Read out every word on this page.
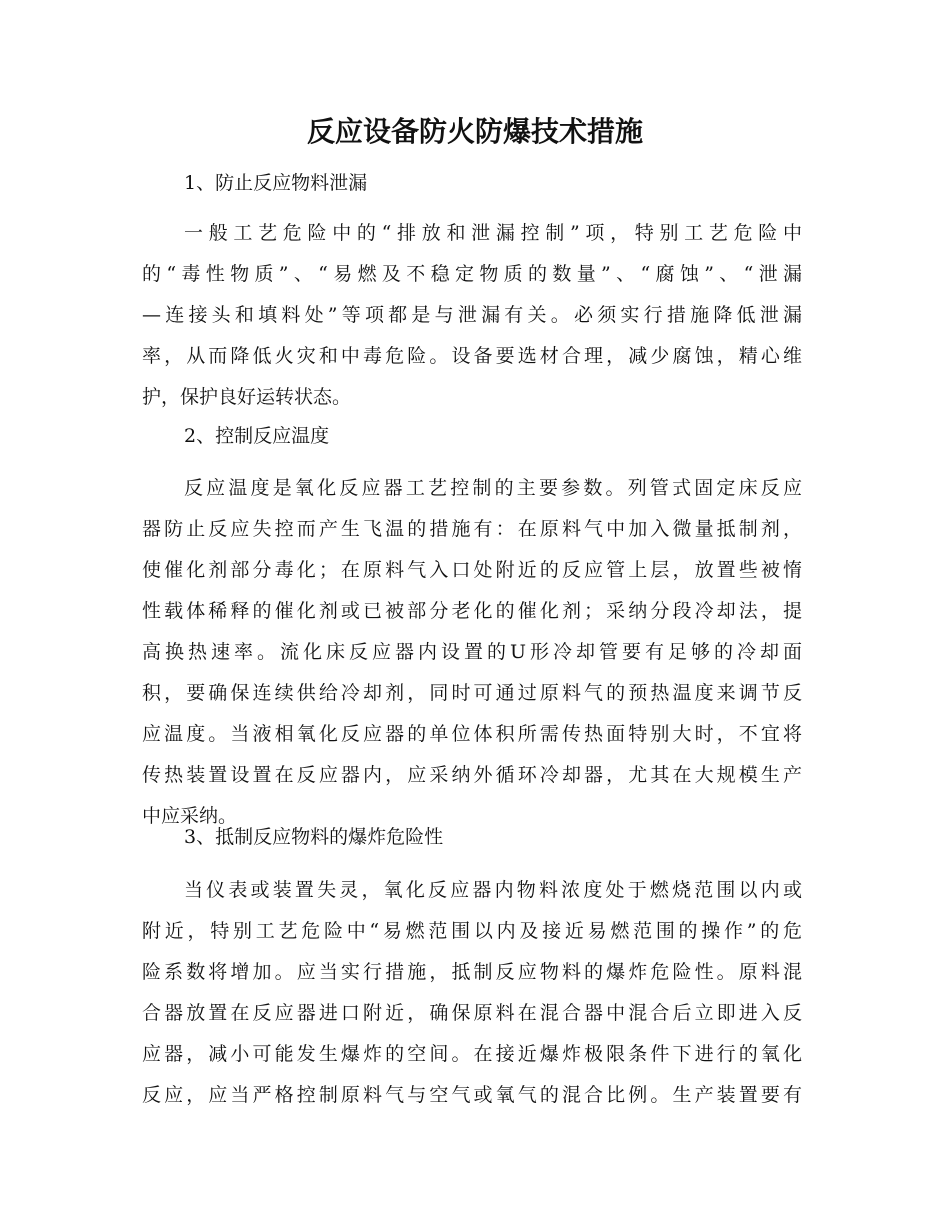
反应设备防火防爆技术措施

1、防止反应物料泄漏

一般工艺危险中的“排放和泄漏控制”项，特别工艺危险中
的“毒性物质”、“易燃及不稳定物质的数量”、“腐蚀”、“泄漏
—连接头和填料处”等项都是与泄漏有关。必须实行措施降低泄漏
率，从而降低火灾和中毒危险。设备要选材合理，减少腐蚀，精心维
护，保护良好运转状态。

2、控制反应温度

反应温度是氧化反应器工艺控制的主要参数。列管式固定床反应
器防止反应失控而产生飞温的措施有：在原料气中加入微量抵制剂，
使催化剂部分毒化；在原料气入口处附近的反应管上层，放置些被惰
性载体稀释的催化剂或已被部分老化的催化剂；采纳分段冷却法，提
高换热速率。流化床反应器内设置的U形冷却管要有足够的冷却面
积，要确保连续供给冷却剂，同时可通过原料气的预热温度来调节反
应温度。当液相氧化反应器的单位体积所需传热面特别大时，不宜将
传热装置设置在反应器内，应采纳外循环冷却器，尤其在大规模生产
中应采纳。

3、抵制反应物料的爆炸危险性

当仪表或装置失灵，氧化反应器内物料浓度处于燃烧范围以内或
附近，特别工艺危险中“易燃范围以内及接近易燃范围的操作”的危
险系数将增加。应当实行措施，抵制反应物料的爆炸危险性。原料混
合器放置在反应器进口附近，确保原料在混合器中混合后立即进入反
应器，减小可能发生爆炸的空间。在接近爆炸极限条件下进行的氧化
反应，应当严格控制原料气与空气或氧气的混合比例。生产装置要有
